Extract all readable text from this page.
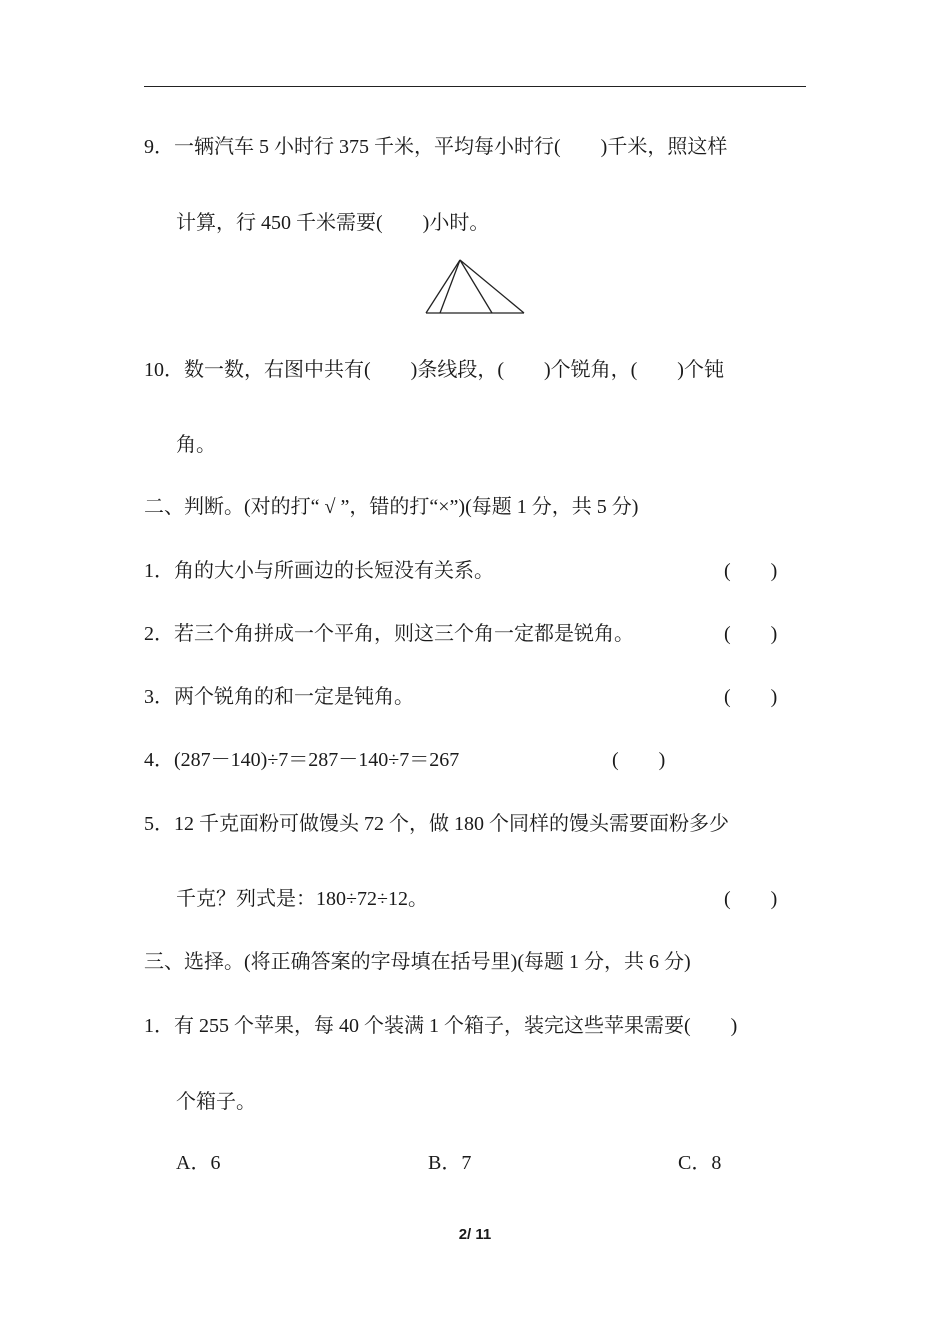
9．一辆汽车 5 小时行 375 千米，平均每小时行(　　)千米，照这样
计算，行 450 千米需要(　　)小时。
10．数一数，右图中共有(　　)条线段，(　　)个锐角，(　　)个钝
角。
二、判断。(对的打“ √ ”，错的打“×”)(每题 1 分，共 5 分)
1．角的大小与所画边的长短没有关系。	(　　)
2．若三个角拼成一个平角，则这三个角一定都是锐角。	(　　)
3．两个锐角的和一定是钝角。	(　　)
4．(287－140)÷7＝287－140÷7＝267	(　　)
5．12 千克面粉可做馒头 72 个，做 180 个同样的馒头需要面粉多少
千克？列式是：180÷72÷12。	(　　)
三、选择。(将正确答案的字母填在括号里)(每题 1 分，共 6 分)
1．有 255 个苹果，每 40 个装满 1 个箱子，装完这些苹果需要(　　)
个箱子。
A．6	B．7	C．8
2/ 11
